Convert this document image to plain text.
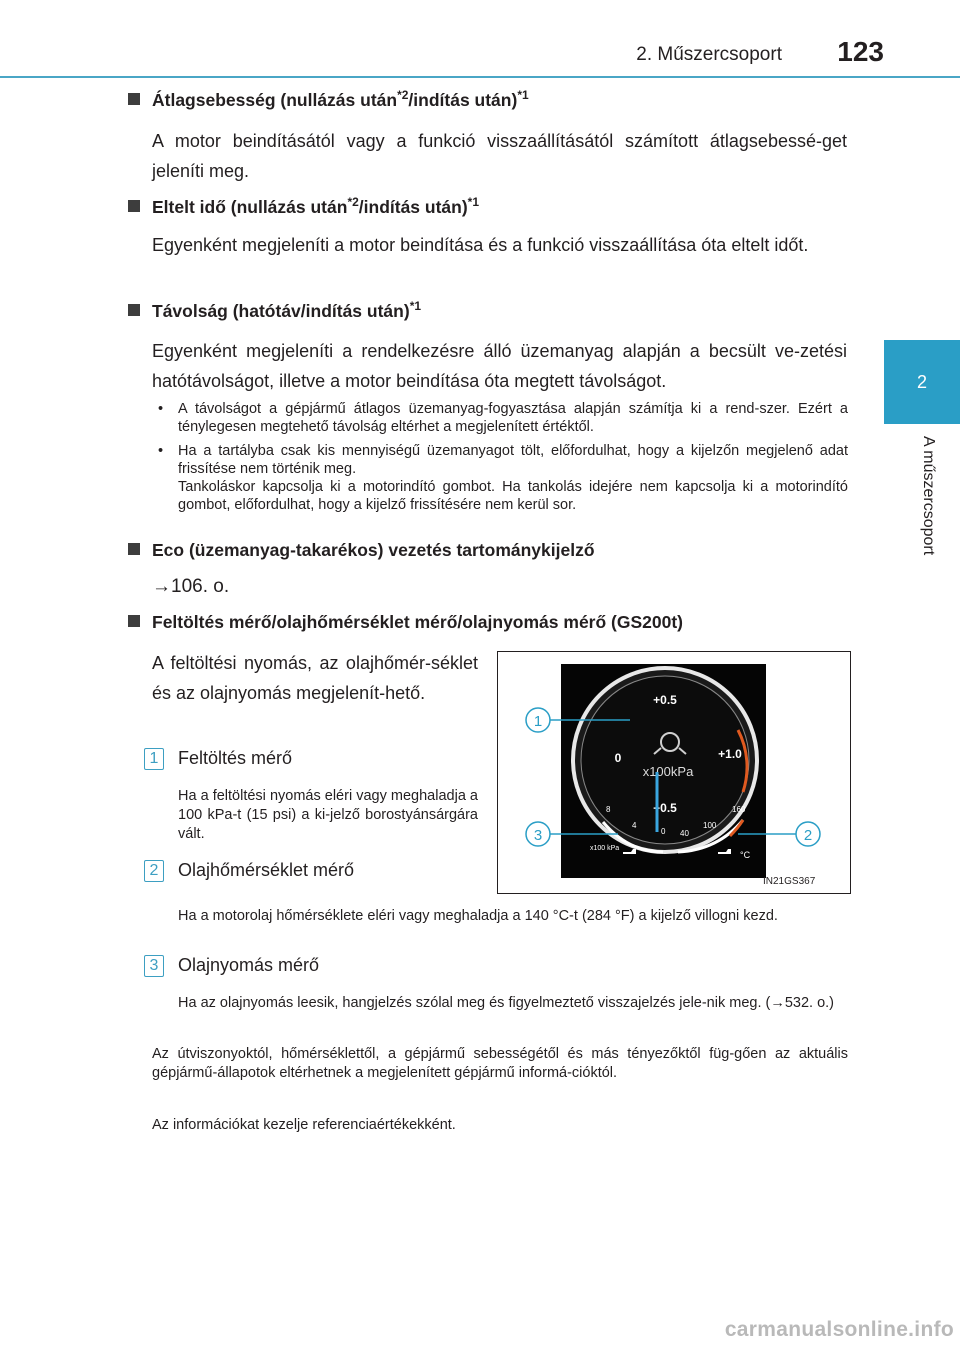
2. Műszercsoport 123
2
A műszercsoport
Átlagsebesség (nullázás után$^{*2}$/indítás után)$^{*1}$
A motor beindításától vagy a funkció visszaállításától számított átlagsebessé-get jeleníti meg.
Eltelt idő (nullázás után$^{*2}$/indítás után)$^{*1}$
Egyenként megjeleníti a motor beindítása és a funkció visszaállítása óta eltelt időt.
Távolság (hatótáv/indítás után)$^{*1}$
Egyenként megjeleníti a rendelkezésre álló üzemanyag alapján a becsült ve-zetési hatótávolságot, illetve a motor beindítása óta megtett távolságot.
• A távolságot a gépjármű átlagos üzemanyag-fogyasztása alapján számítja ki a rend-szer. Ezért a ténylegesen megtehető távolság eltérhet a megjelenített értéktől.
• Ha a tartályba csak kis mennyiségű üzemanyagot tölt, előfordulhat, hogy a kijelzőn megjelenő adat frissítése nem történik meg.
Tankoláskor kapcsolja ki a motorindító gombot. Ha tankolás idejére nem kapcsolja ki a motorindító gombot, előfordulhat, hogy a kijelző frissítésére nem kerül sor.
Eco (üzemanyag-takarékos) vezetés tartománykijelző
→106. o.
Feltöltés mérő/olajhőmérséklet mérő/olajnyomás mérő (GS200t)
A feltöltési nyomás, az olajhőmér-séklet és az olajnyomás megjelenít-hető.
1	Feltöltés mérő
Ha a feltöltési nyomás eléri vagy meghaladja a 100 kPa-t (15 psi) a ki-jelző borostyánsárgára vált.
2	Olajhőmérséklet mérő
Ha a motorolaj hőmérséklete eléri vagy meghaladja a 140 °C-t (284 °F) a kijelző villogni kezd.
3	Olajnyomás mérő
Ha az olajnyomás leesik, hangjelzés szólal meg és figyelmeztető visszajelzés jele-nik meg. (→532. o.)
Az útviszonyoktól, hőmérséklettől, a gépjármű sebességétől és más tényezőktől füg-gően az aktuális gépjármű-állapotok eltérhetnek a megjelenített gépjármű informá-cióktól.
Az információkat kezelje referenciaértékekként.
+0.5
0	+1.0
−0.5
x100kPa
8
4
0 40
100
160
x100 kPa
°C
1
2
3
IN21GS367
carmanualsonline.info
